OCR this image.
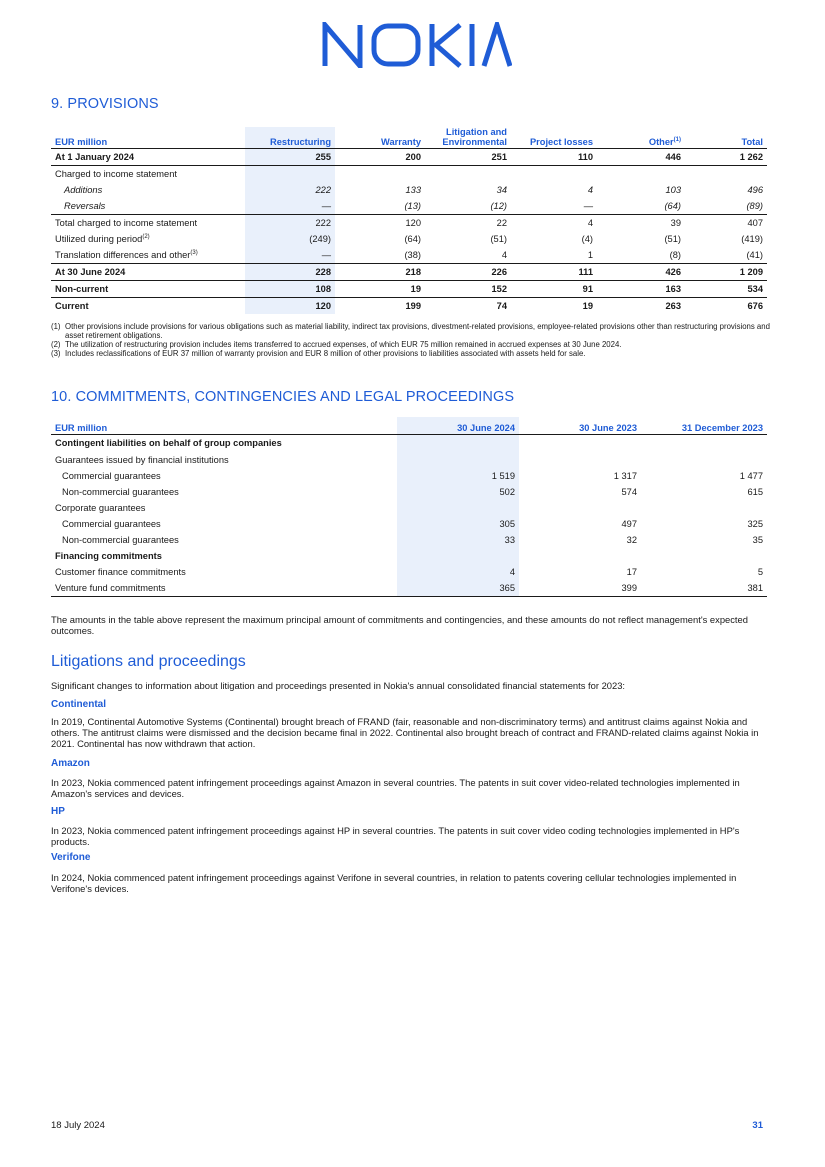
9. PROVISIONS
EUR million	Restructuring	Warranty	Litigation and Environmental	Project losses	Other$^{(1)}$	Total
At 1 January 2024	255	200	251	110	446	1 262
Charged to income statement						
Additions	222	133	34	4	103	496
Reversals	—	(13)	(12)	—	(64)	(89)
Total charged to income statement	222	120	22	4	39	407
Utilized during period$^{(2)}$	(249)	(64)	(51)	(4)	(51)	(419)
Translation differences and other$^{(3)}$	—	(38)	4	1	(8)	(41)
At 30 June 2024	228	218	226	111	426	1 209
Non-current	108	19	152	91	163	534
Current	120	199	74	19	263	676
(1) Other provisions include provisions for various obligations such as material liability, indirect tax provisions, divestment-related provisions, employee-related provisions other than restructuring provisions and asset retirement obligations.
(2) The utilization of restructuring provision includes items transferred to accrued expenses, of which EUR 75 million remained in accrued expenses at 30 June 2024.
(3) Includes reclassifications of EUR 37 million of warranty provision and EUR 8 million of other provisions to liabilities associated with assets held for sale.
10. COMMITMENTS, CONTINGENCIES AND LEGAL PROCEEDINGS
EUR million	30 June 2024	30 June 2023	31 December 2023
Contingent liabilities on behalf of group companies			
Guarantees issued by financial institutions			
Commercial guarantees	1 519	1 317	1 477
Non-commercial guarantees	502	574	615
Corporate guarantees			
Commercial guarantees	305	497	325
Non-commercial guarantees	33	32	35
Financing commitments			
Customer finance commitments	4	17	5
Venture fund commitments	365	399	381
The amounts in the table above represent the maximum principal amount of commitments and contingencies, and these amounts do not reflect management's expected outcomes.
Litigations and proceedings
Significant changes to information about litigation and proceedings presented in Nokia's annual consolidated financial statements for 2023:
Continental
In 2019, Continental Automotive Systems (Continental) brought breach of FRAND (fair, reasonable and non-discriminatory terms) and antitrust claims against Nokia and others. The antitrust claims were dismissed and the decision became final in 2022. Continental also brought breach of contract and FRAND-related claims against Nokia in 2021. Continental has now withdrawn that action.
Amazon
In 2023, Nokia commenced patent infringement proceedings against Amazon in several countries. The patents in suit cover video-related technologies implemented in Amazon's services and devices.
HP
In 2023, Nokia commenced patent infringement proceedings against HP in several countries. The patents in suit cover video coding technologies implemented in HP's products.
Verifone
In 2024, Nokia commenced patent infringement proceedings against Verifone in several countries, in relation to patents covering cellular technologies implemented in Verifone's devices.
18 July 2024	31
